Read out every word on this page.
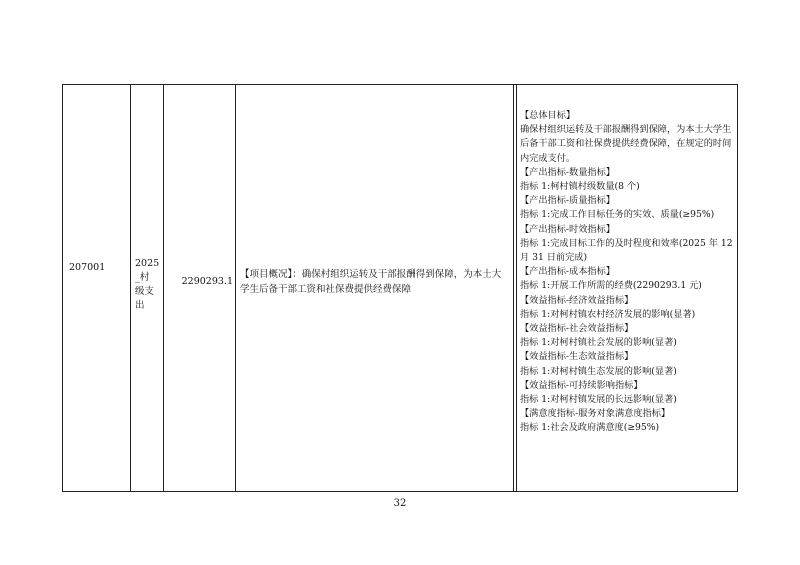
207001	2025
_村
级支
出
2290293.1
【项目概况】：确保村组织运转及干部报酬得到保障，为本土大学生后备干部工资和社保费提供经费保障
【总体目标】
确保村组织运转及干部报酬得到保障，为本土大学生后备干部工资和社保费提供经费保障，在规定的时间内完成支付。
【产出指标-数量指标】
指标 1:柯村镇村级数量(8 个)
【产出指标-质量指标】
指标 1:完成工作目标任务的实效、质量(≥95%)
【产出指标-时效指标】
指标 1:完成目标工作的及时程度和效率(2025 年 12 月 31 日前完成)
【产出指标-成本指标】
指标 1:开展工作所需的经费(2290293.1 元)
【效益指标-经济效益指标】
指标 1:对柯村镇农村经济发展的影响(显著)
【效益指标-社会效益指标】
指标 1:对柯村镇社会发展的影响(显著)
【效益指标-生态效益指标】
指标 1:对柯村镇生态发展的影响(显著)
【效益指标-可持续影响指标】
指标 1:对柯村镇发展的长远影响(显著)
【满意度指标-服务对象满意度指标】
指标 1:社会及政府满意度(≥95%)
32
